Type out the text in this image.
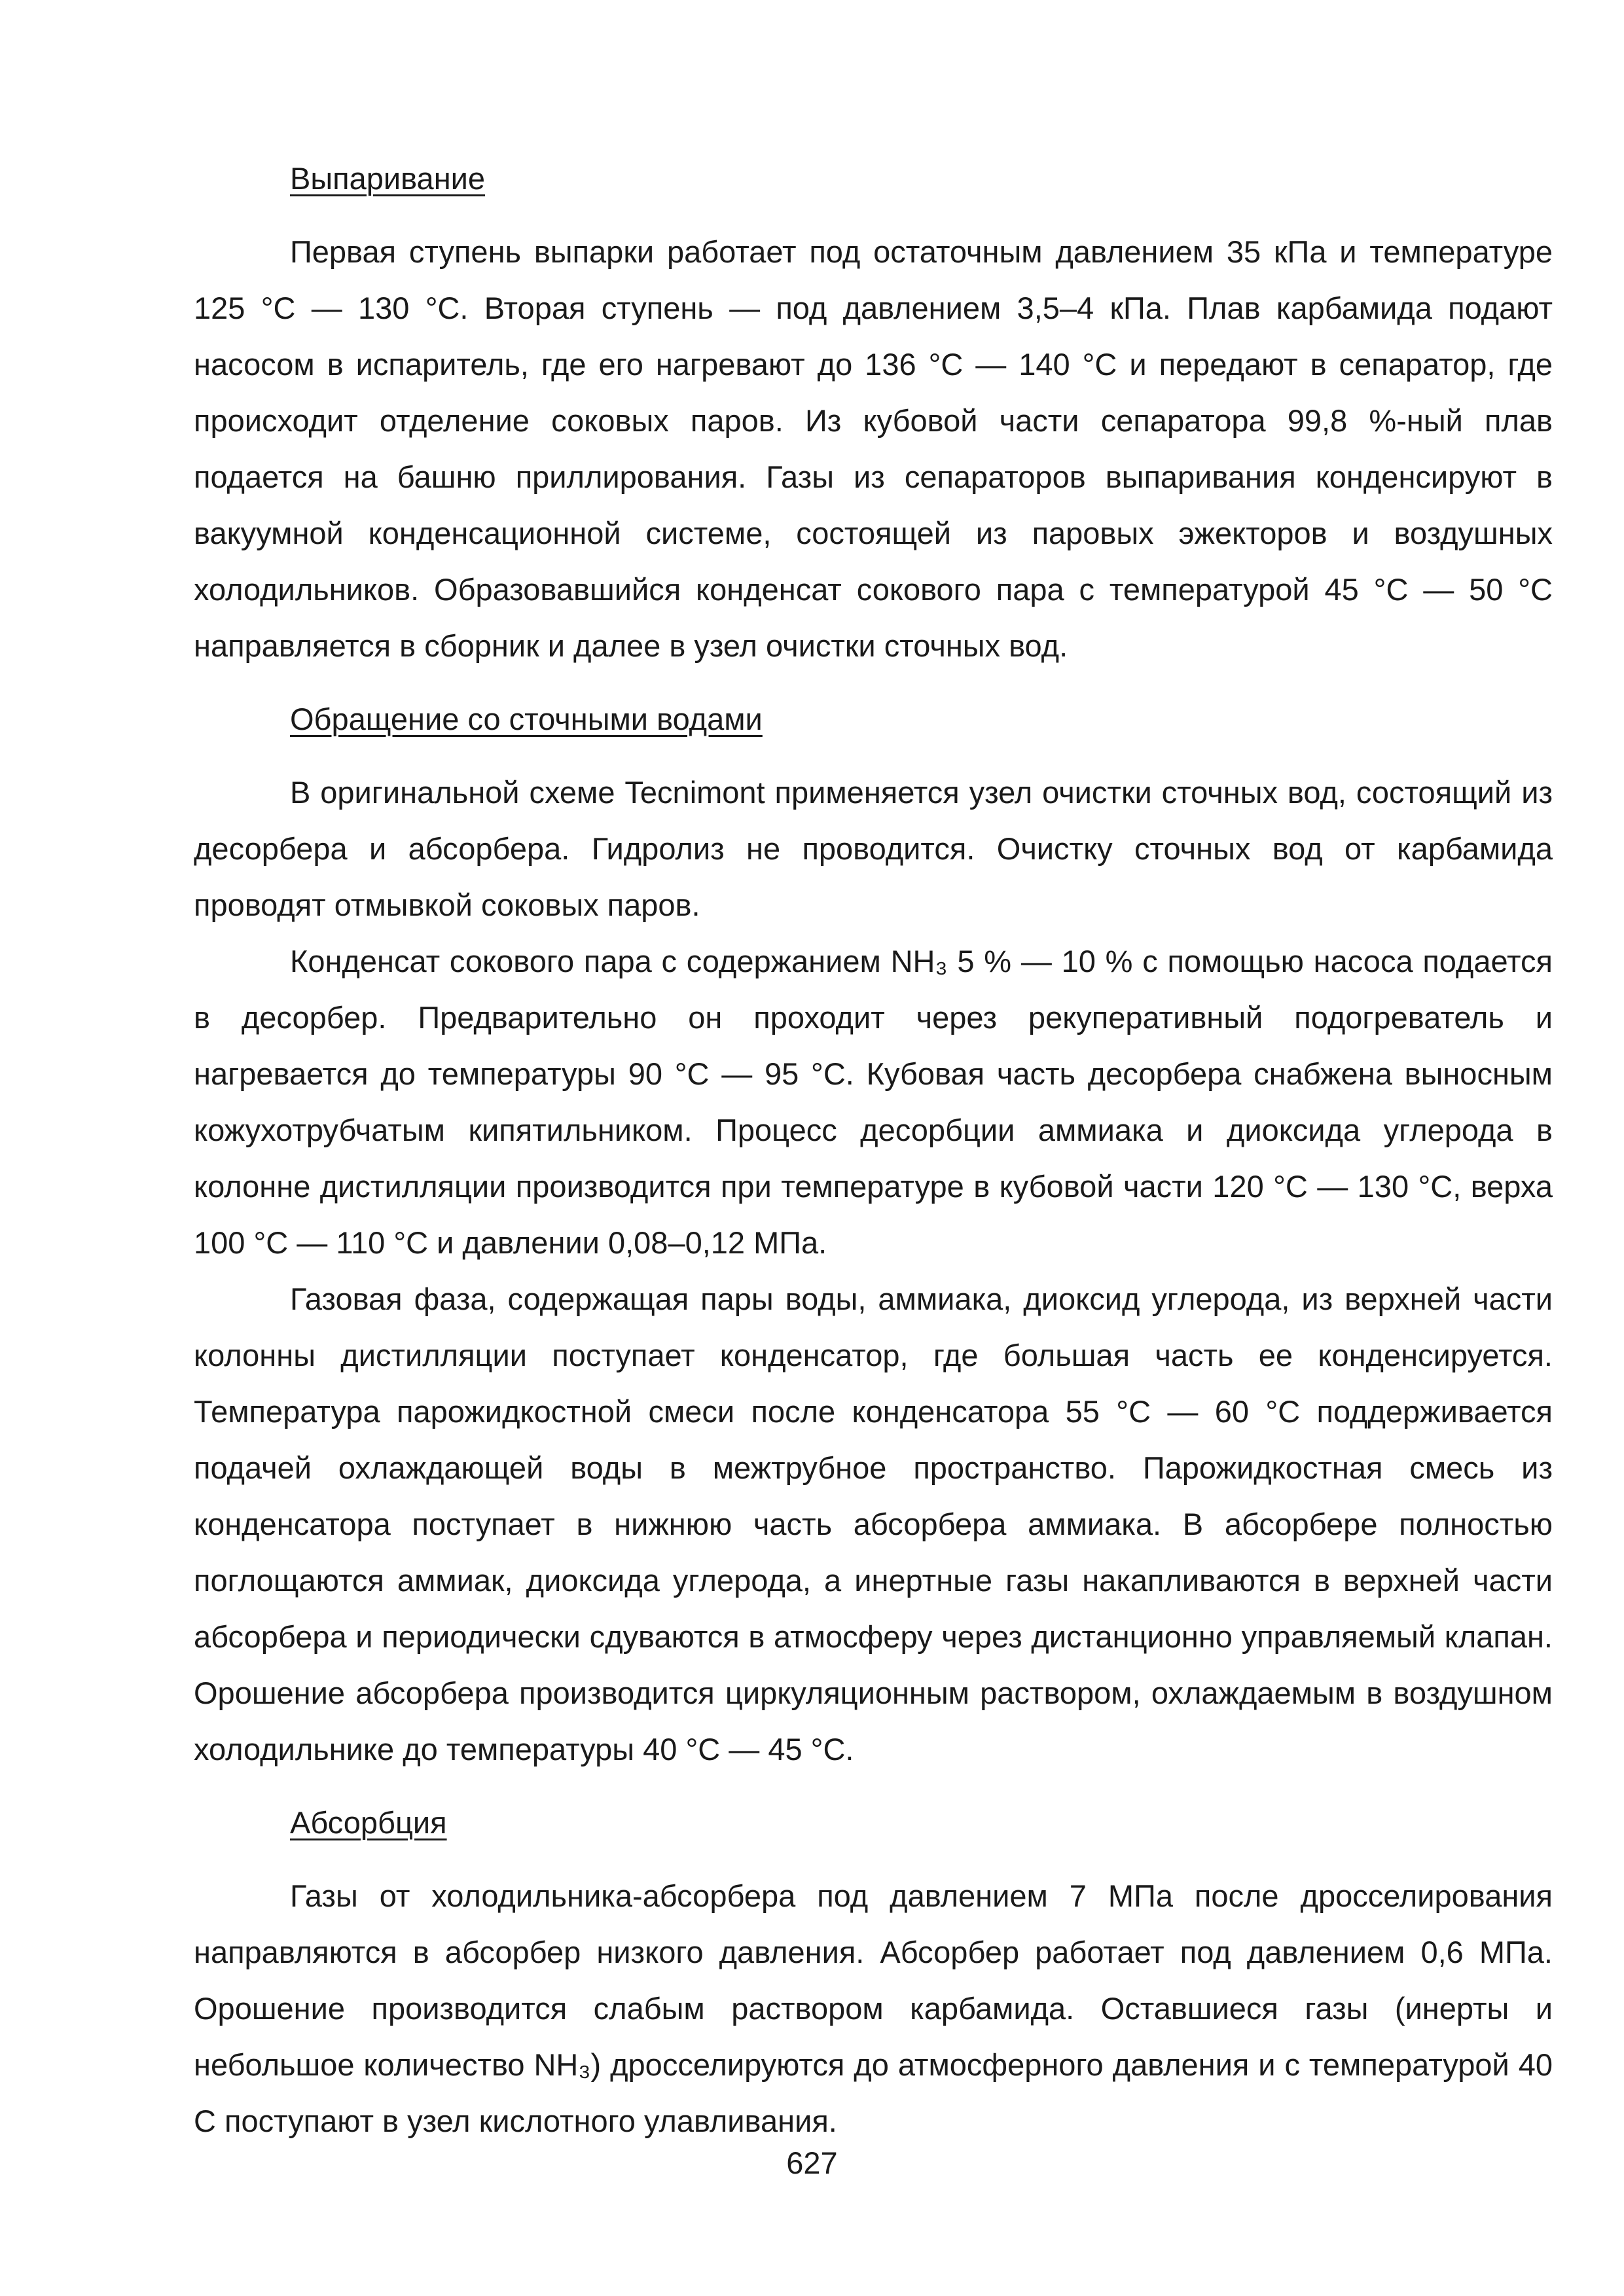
Выпаривание

Первая ступень выпарки работает под остаточным давлением 35 кПа и температуре 125 °С — 130 °С. Вторая ступень — под давлением 3,5–4 кПа. Плав карбамида подают насосом в испаритель, где его нагревают до 136 °С — 140 °С и передают в сепаратор, где происходит отделение соковых паров. Из кубовой части сепаратора 99,8 %-ный плав подается на башню приллирования. Газы из сепараторов выпаривания конденсируют в вакуумной конденсационной системе, состоящей из паровых эжекторов и воздушных холодильников. Образовавшийся конденсат сокового пара с температурой 45 °С — 50 °С направляется в сборник и далее в узел очистки сточных вод.

Обращение со сточными водами

В оригинальной схеме Tecnimont применяется узел очистки сточных вод, состоящий из десорбера и абсорбера. Гидролиз не проводится. Очистку сточных вод от карбамида проводят отмывкой соковых паров.

Конденсат сокового пара с содержанием NH₃ 5 % — 10 % с помощью насоса подается в десорбер. Предварительно он проходит через рекуперативный подогреватель и нагревается до температуры 90 °С — 95 °С. Кубовая часть десорбера снабжена выносным кожухотрубчатым кипятильником. Процесс десорбции аммиака и диоксида углерода в колонне дистилляции производится при температуре в кубовой части 120 °С — 130 °С, верха 100 °С — 110 °С и давлении 0,08–0,12 МПа.

Газовая фаза, содержащая пары воды, аммиака, диоксид углерода, из верхней части колонны дистилляции поступает конденсатор, где большая часть ее конденсируется. Температура парожидкостной смеси после конденсатора 55 °С — 60 °С поддерживается подачей охлаждающей воды в межтрубное пространство. Парожидкостная смесь из конденсатора поступает в нижнюю часть абсорбера аммиака. В абсорбере полностью поглощаются аммиак, диоксида углерода, а инертные газы накапливаются в верхней части абсорбера и периодически сдуваются в атмосферу через дистанционно управляемый клапан. Орошение абсорбера производится циркуляционным раствором, охлаждаемым в воздушном холодильнике до температуры 40 °С — 45 °С.

Абсорбция

Газы от холодильника-абсорбера под давлением 7 МПа после дросселирования направляются в абсорбер низкого давления. Абсорбер работает под давлением 0,6 МПа. Орошение производится слабым раствором карбамида. Оставшиеся газы (инерты и небольшое количество NH₃) дросселируются до атмосферного давления и с температурой 40 С поступают в узел кислотного улавливания.

627
